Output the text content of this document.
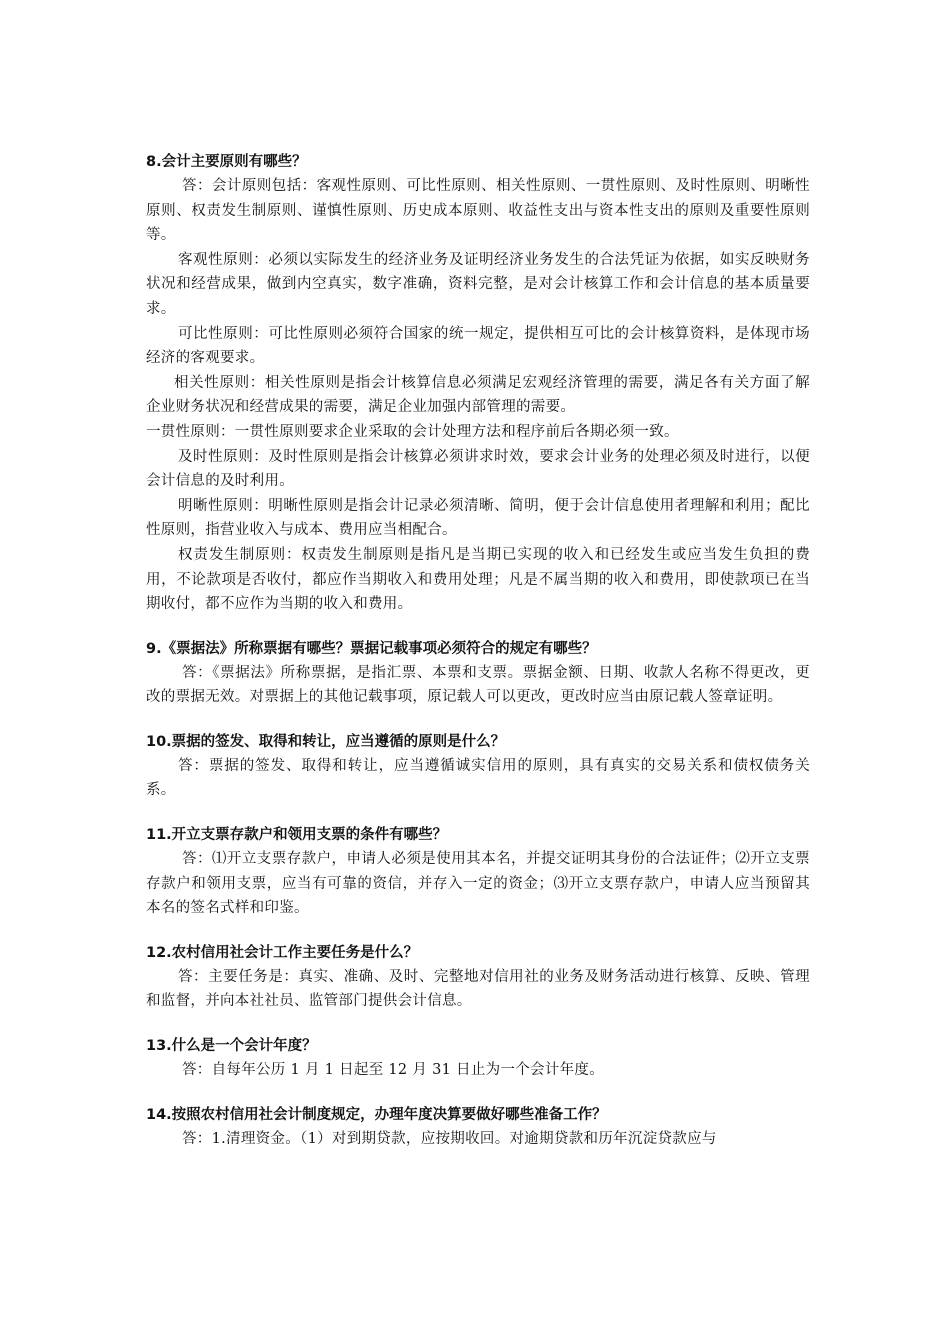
8.会计主要原则有哪些？

答：会计原则包括：客观性原则、可比性原则、相关性原则、一贯性原则、及时性原则、明晰性原则、权责发生制原则、谨慎性原则、历史成本原则、收益性支出与资本性支出的原则及重要性原则等。

客观性原则：必须以实际发生的经济业务及证明经济业务发生的合法凭证为依据，如实反映财务状况和经营成果，做到内空真实，数字准确，资料完整，是对会计核算工作和会计信息的基本质量要求。

可比性原则：可比性原则必须符合国家的统一规定，提供相互可比的会计核算资料，是体现市场经济的客观要求。

相关性原则：相关性原则是指会计核算信息必须满足宏观经济管理的需要，满足各有关方面了解企业财务状况和经营成果的需要，满足企业加强内部管理的需要。

一贯性原则：一贯性原则要求企业采取的会计处理方法和程序前后各期必须一致。

及时性原则：及时性原则是指会计核算必须讲求时效，要求会计业务的处理必须及时进行，以便会计信息的及时利用。

明晰性原则：明晰性原则是指会计记录必须清晰、简明，便于会计信息使用者理解和利用；配比性原则，指营业收入与成本、费用应当相配合。

权责发生制原则：权责发生制原则是指凡是当期已实现的收入和已经发生或应当发生负担的费用，不论款项是否收付，都应作当期收入和费用处理；凡是不属当期的收入和费用，即使款项已在当期收付，都不应作为当期的收入和费用。

9.《票据法》所称票据有哪些？票据记载事项必须符合的规定有哪些？

答：《票据法》所称票据，是指汇票、本票和支票。票据金额、日期、收款人名称不得更改，更改的票据无效。对票据上的其他记载事项，原记载人可以更改，更改时应当由原记载人签章证明。

10.票据的签发、取得和转让，应当遵循的原则是什么？

答：票据的签发、取得和转让，应当遵循诚实信用的原则，具有真实的交易关系和债权债务关系。

11.开立支票存款户和领用支票的条件有哪些？

答：⑴开立支票存款户，申请人必须是使用其本名，并提交证明其身份的合法证件；⑵开立支票存款户和领用支票，应当有可靠的资信，并存入一定的资金；⑶开立支票存款户，申请人应当预留其本名的签名式样和印鉴。

12.农村信用社会计工作主要任务是什么？

答：主要任务是：真实、准确、及时、完整地对信用社的业务及财务活动进行核算、反映、管理和监督，并向本社社员、监管部门提供会计信息。

13.什么是一个会计年度？

答：自每年公历 1 月 1 日起至 12 月 31 日止为一个会计年度。

14.按照农村信用社会计制度规定，办理年度决算要做好哪些准备工作？

答：1.清理资金。（1）对到期贷款，应按期收回。对逾期贷款和历年沉淀贷款应与
